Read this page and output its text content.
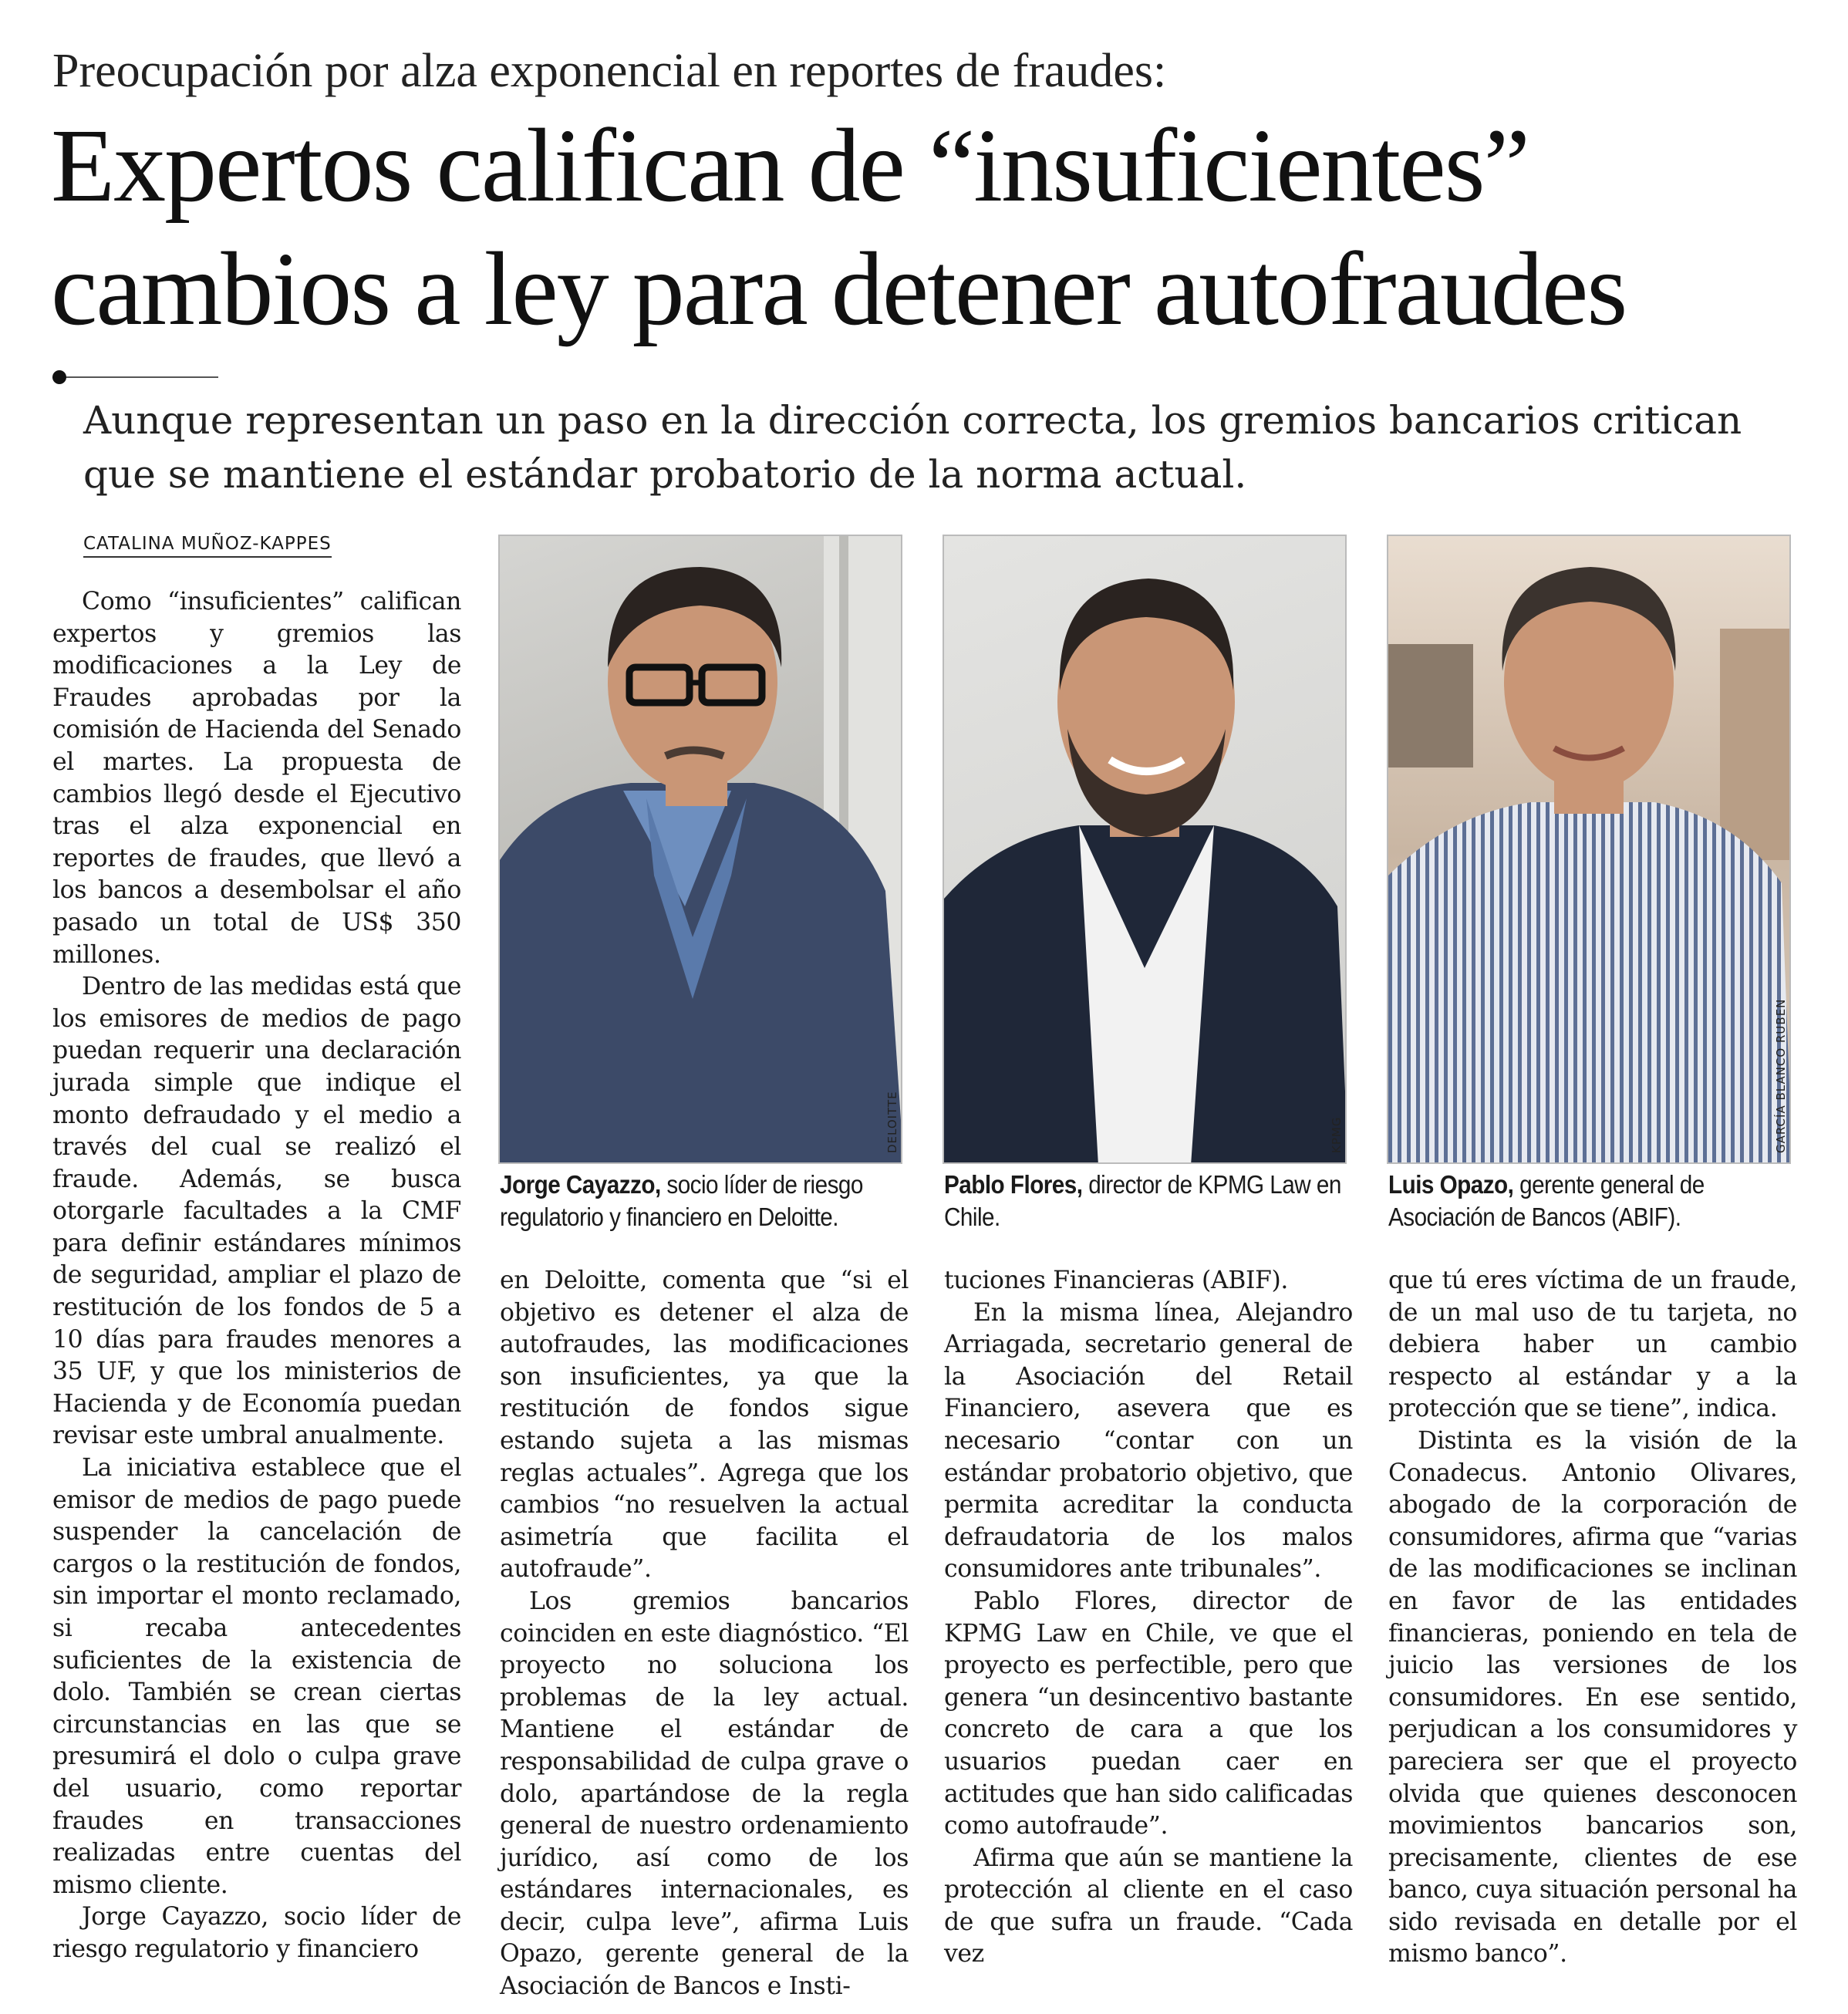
Preocupación por alza exponencial en reportes de fraudes:
Expertos califican de “insuficientes”
cambios a ley para detener autofraudes
Aunque representan un paso en la dirección correcta, los gremios bancarios critican
que se mantiene el estándar probatorio de la norma actual.
CATALINA MUÑOZ-KAPPES

Como “insuficientes” califican expertos y gremios las modificaciones a la Ley de Fraudes aprobadas por la comisión de Hacienda del Senado el martes. La propuesta de cambios llegó desde el Ejecutivo tras el alza exponencial en reportes de fraudes, que llevó a los bancos a desembolsar el año pasado un total de US$ 350 millones.

Dentro de las medidas está que los emisores de medios de pago puedan requerir una declaración jurada simple que indique el monto defraudado y el medio a través del cual se realizó el fraude. Además, se busca otorgarle facultades a la CMF para definir estándares mínimos de seguridad, ampliar el plazo de restitución de los fondos de 5 a 10 días para fraudes menores a 35 UF, y que los ministerios de Hacienda y de Economía puedan revisar este umbral anualmente.

La iniciativa establece que el emisor de medios de pago puede suspender la cancelación de cargos o la restitución de fondos, sin importar el monto reclamado, si recaba antecedentes suficientes de la existencia de dolo. También se crean ciertas circunstancias en las que se presumirá el dolo o culpa grave del usuario, como reportar fraudes en transacciones realizadas entre cuentas del mismo cliente.

Jorge Cayazzo, socio líder de riesgo regulatorio y financiero

DELOITTE
Jorge Cayazzo, socio líder de riesgo regulatorio y financiero en Deloitte.
KPMG
Pablo Flores, director de KPMG Law en Chile.
GARCÍA BLANCO RUBEN
Luis Opazo, gerente general de Asociación de Bancos (ABIF).

en Deloitte, comenta que “si el objetivo es detener el alza de autofraudes, las modificaciones son insuficientes, ya que la restitución de fondos sigue estando sujeta a las mismas reglas actuales”. Agrega que los cambios “no resuelven la actual asimetría que facilita el autofraude”.

Los gremios bancarios coinciden en este diagnóstico. “El proyecto no soluciona los problemas de la ley actual. Mantiene el estándar de responsabilidad de culpa grave o dolo, apartándose de la regla general de nuestro ordenamiento jurídico, así como de los estándares internacionales, es decir, culpa leve”, afirma Luis Opazo, gerente general de la Asociación de Bancos e Insti-

tuciones Financieras (ABIF).

En la misma línea, Alejandro Arriagada, secretario general de la Asociación del Retail Financiero, asevera que es necesario “contar con un estándar probatorio objetivo, que permita acreditar la conducta defraudatoria de los malos consumidores ante tribunales”.

Pablo Flores, director de KPMG Law en Chile, ve que el proyecto es perfectible, pero que genera “un desincentivo bastante concreto de cara a que los usuarios puedan caer en actitudes que han sido calificadas como autofraude”.

Afirma que aún se mantiene la protección al cliente en el caso de que sufra un fraude. “Cada vez

que tú eres víctima de un fraude, de un mal uso de tu tarjeta, no debiera haber un cambio respecto al estándar y a la protección que se tiene”, indica.

Distinta es la visión de la Conadecus. Antonio Olivares, abogado de la corporación de consumidores, afirma que “varias de las modificaciones se inclinan en favor de las entidades financieras, poniendo en tela de juicio las versiones de los consumidores. En ese sentido, perjudican a los consumidores y pareciera ser que el proyecto olvida que quienes desconocen movimientos bancarios son, precisamente, clientes de ese banco, cuya situación personal ha sido revisada en detalle por el mismo banco”.
